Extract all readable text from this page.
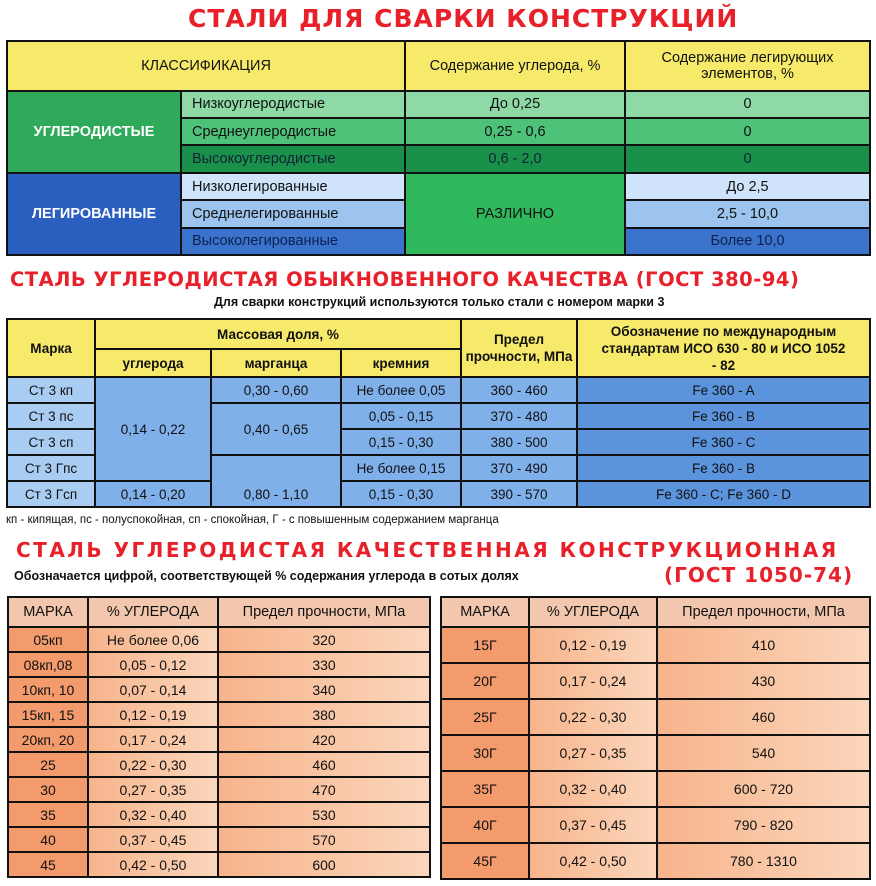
СТАЛИ ДЛЯ СВАРКИ КОНСТРУКЦИЙ
КЛАССИФИКАЦИЯ		Содержание углерода, %	Содержание легирующих элементов, %
УГЛЕРОДИСТЫЕ	Низкоуглеродистые	До 0,25	0
	Среднеуглеродистые	0,25 - 0,6	0
	Высокоуглеродистые	0,6 - 2,0	0
ЛЕГИРОВАННЫЕ	Низколегированные	РАЗЛИЧНО	До 2,5
	Среднелегированные		2,5 - 10,0
	Высоколегированные		Более 10,0
СТАЛЬ УГЛЕРОДИСТАЯ ОБЫКНОВЕННОГО КАЧЕСТВА (ГОСТ 380-94)
Для сварки конструкций используются только стали с номером марки 3
Марка	Массовая доля, %			Предел прочности, МПа	Обозначение по международным стандартам ИСО 630 - 80 и ИСО 1052 - 82
	углерода	марганца	кремния		
Ст 3 кп	0,14 - 0,22	0,30 - 0,60	Не более 0,05	360 - 460	Fe 360 - A
Ст 3 пс		0,40 - 0,65	0,05 - 0,15	370 - 480	Fe 360 - B
Ст 3 сп			0,15 - 0,30	380 - 500	Fe 360 - C
Ст 3 Гпс		0,80 - 1,10	Не более 0,15	370 - 490	Fe 360 - B
Ст 3 Гсп	0,14 - 0,20		0,15 - 0,30	390 - 570	Fe 360 - C; Fe 360 - D
кп - кипящая, пс - полуспокойная, сп - спокойная, Г - с повышенным содержанием марганца
СТАЛЬ УГЛЕРОДИСТАЯ КАЧЕСТВЕННАЯ КОНСТРУКЦИОННАЯ
Обозначается цифрой, соответствующей % содержания углерода в сотых долях	(ГОСТ 1050-74)
МАРКА	% УГЛЕРОДА	Предел прочности, МПа
05кп	Не более 0,06	320
08кп,08	0,05 - 0,12	330
10кп, 10	0,07 - 0,14	340
15кп, 15	0,12 - 0,19	380
20кп, 20	0,17 - 0,24	420
25	0,22 - 0,30	460
30	0,27 - 0,35	470
35	0,32 - 0,40	530
40	0,37 - 0,45	570
45	0,42 - 0,50	600
МАРКА	% УГЛЕРОДА	Предел прочности, МПа
15Г	0,12 - 0,19	410
20Г	0,17 - 0,24	430
25Г	0,22 - 0,30	460
30Г	0,27 - 0,35	540
35Г	0,32 - 0,40	600 - 720
40Г	0,37 - 0,45	790 - 820
45Г	0,42 - 0,50	780 - 1310
